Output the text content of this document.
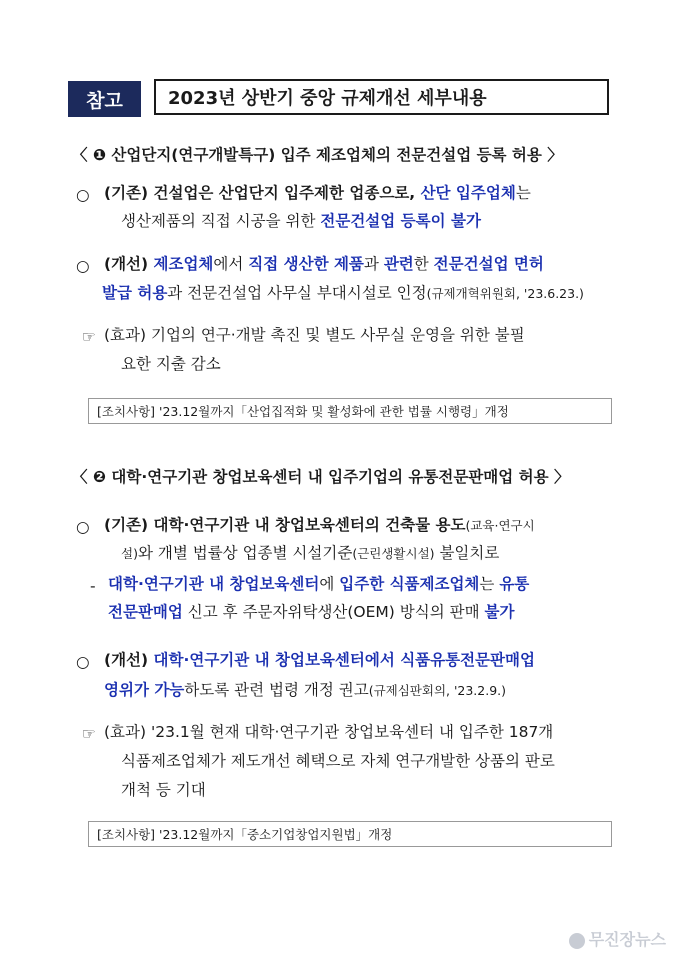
참고	2023년 상반기 중앙 규제개선 세부내용
〈 ❶ 산업단지(연구개발특구) 입주 제조업체의 전문건설업 등록 허용 〉
○ (기존) 건설업은 산업단지 입주제한 업종으로, 산단 입주업체는
생산제품의 직접 시공을 위한 전문건설업 등록이 불가
○ (개선) 제조업체에서 직접 생산한 제품과 관련한 전문건설업 면허
발급 허용과 전문건설업 사무실 부대시설로 인정(규제개혁위원회, '23.6.23.)
☞ (효과) 기업의 연구·개발 촉진 및 별도 사무실 운영을 위한 불필
요한 지출 감소
[조치사항] '23.12월까지「산업집적화 및 활성화에 관한 법률 시행령」개정
〈 ❷ 대학·연구기관 창업보육센터 내 입주기업의 유통전문판매업 허용 〉
○ (기존) 대학·연구기관 내 창업보육센터의 건축물 용도(교육·연구시
설)와 개별 법률상 업종별 시설기준(근린생활시설) 불일치로
- 대학·연구기관 내 창업보육센터에 입주한 식품제조업체는 유통
전문판매업 신고 후 주문자위탁생산(OEM) 방식의 판매 불가
○ (개선) 대학·연구기관 내 창업보육센터에서 식품유통전문판매업
영위가 가능하도록 관련 법령 개정 권고(규제심판회의, '23.2.9.)
☞ (효과) '23.1월 현재 대학·연구기관 창업보육센터 내 입주한 187개
식품제조업체가 제도개선 혜택으로 자체 연구개발한 상품의 판로
개척 등 기대
[조치사항] '23.12월까지「중소기업창업지원법」개정
무진장뉴스
